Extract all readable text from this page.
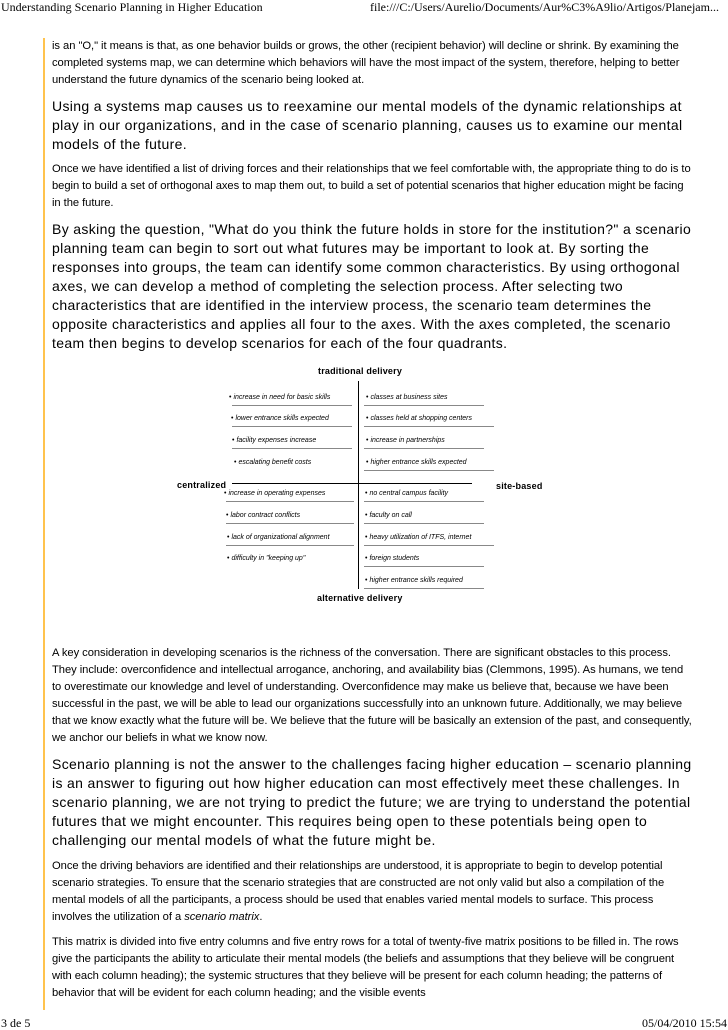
Understanding Scenario Planning in Higher Education	file:///C:/Users/Aurelio/Documents/Aur%C3%A9lio/Artigos/Planejam...

is an "O," it means is that, as one behavior builds or grows, the other (recipient behavior) will decline or shrink. By examining the completed systems map, we can determine which behaviors will have the most impact of the system, therefore, helping to better understand the future dynamics of the scenario being looked at.

Using a systems map causes us to reexamine our mental models of the dynamic relationships at play in our organizations, and in the case of scenario planning, causes us to examine our mental models of the future.

Once we have identified a list of driving forces and their relationships that we feel comfortable with, the appropriate thing to do is to begin to build a set of orthogonal axes to map them out, to build a set of potential scenarios that higher education might be facing in the future.

By asking the question, "What do you think the future holds in store for the institution?" a scenario planning team can begin to sort out what futures may be important to look at. By sorting the responses into groups, the team can identify some common characteristics. By using orthogonal axes, we can develop a method of completing the selection process. After selecting two characteristics that are identified in the interview process, the scenario team determines the opposite characteristics and applies all four to the axes. With the axes completed, the scenario team then begins to develop scenarios for each of the four quadrants.

traditional delivery
alternative delivery
centralized	site-based
• increase in need for basic skills
• lower entrance skills expected
• facility expenses increase
• escalating benefit costs
• classes at business sites
• classes held at shopping centers
• increase in partnerships
• higher entrance skills expected
• increase in operating expenses
• labor contract conflicts
• lack of organizational alignment
• difficulty in "keeping up"
• no central campus facility
• faculty on call
• heavy utilization of ITFS, internet
• foreign students
• higher entrance skills required

A key consideration in developing scenarios is the richness of the conversation. There are significant obstacles to this process. They include: overconfidence and intellectual arrogance, anchoring, and availability bias (Clemmons, 1995). As humans, we tend to overestimate our knowledge and level of understanding. Overconfidence may make us believe that, because we have been successful in the past, we will be able to lead our organizations successfully into an unknown future. Additionally, we may believe that we know exactly what the future will be. We believe that the future will be basically an extension of the past, and consequently, we anchor our beliefs in what we know now.

Scenario planning is not the answer to the challenges facing higher education – scenario planning is an answer to figuring out how higher education can most effectively meet these challenges. In scenario planning, we are not trying to predict the future; we are trying to understand the potential futures that we might encounter. This requires being open to these potentials being open to challenging our mental models of what the future might be.

Once the driving behaviors are identified and their relationships are understood, it is appropriate to begin to develop potential scenario strategies. To ensure that the scenario strategies that are constructed are not only valid but also a compilation of the mental models of all the participants, a process should be used that enables varied mental models to surface. This process involves the utilization of a scenario matrix.

This matrix is divided into five entry columns and five entry rows for a total of twenty-five matrix positions to be filled in. The rows give the participants the ability to articulate their mental models (the beliefs and assumptions that they believe will be congruent with each column heading); the systemic structures that they believe will be present for each column heading; the patterns of behavior that will be evident for each column heading; and the visible events

3 de 5	05/04/2010 15:54
